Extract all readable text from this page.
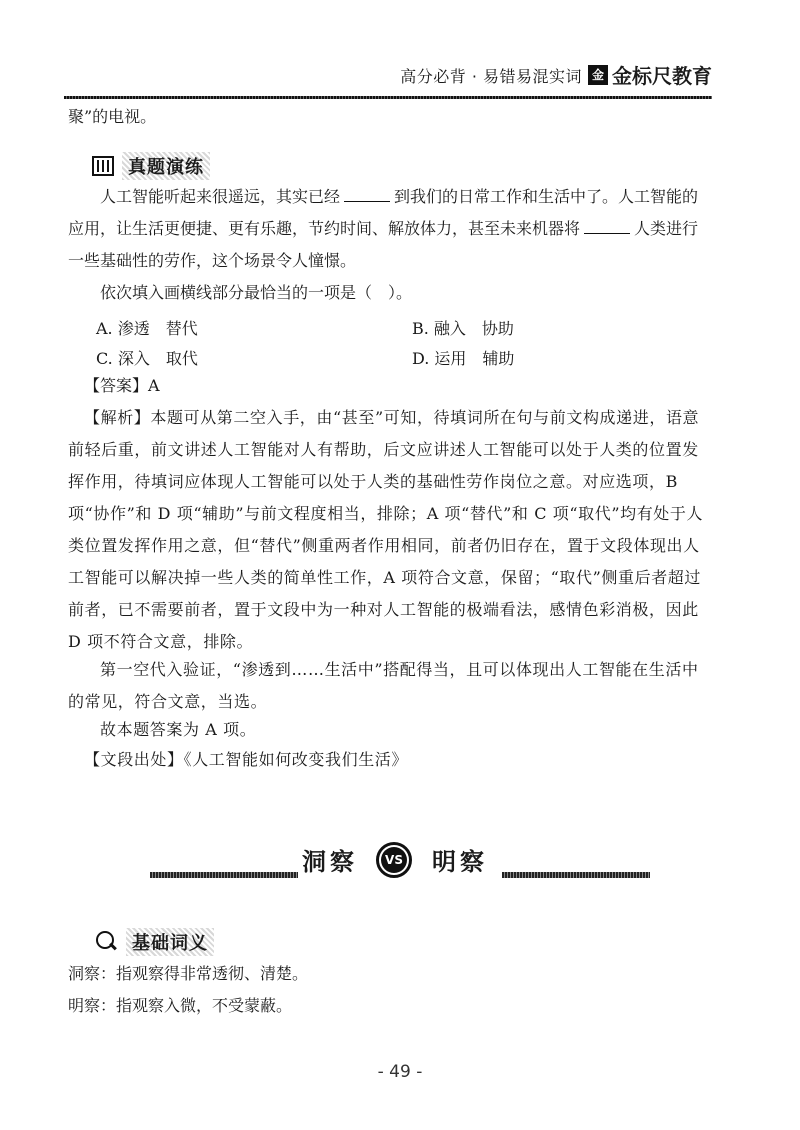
高分必背 · 易错易混实词 金 金标尺教育

聚”的电视。

真题演练
人工智能听起来很遥远，其实已经	到我们的日常工作和生活中了。人工智能的
应用，让生活更便捷、更有乐趣，节约时间、解放体力，甚至未来机器将	人类进行
一些基础性的劳作，这个场景令人憧憬。
依次填入画横线部分最恰当的一项是（　）。
A. 渗透　替代	B. 融入　协助
C. 深入　取代	D. 运用　辅助

【答案】A

【解析】本题可从第二空入手，由“甚至”可知，待填词所在句与前文构成递进，语意前轻后重，前文讲述人工智能对人有帮助，后文应讲述人工智能可以处于人类的位置发挥作用，待填词应体现人工智能可以处于人类的基础性劳作岗位之意。对应选项，B 项“协作”和 D 项“辅助”与前文程度相当，排除；A 项“替代”和 C 项“取代”均有处于人类位置发挥作用之意，但“替代”侧重两者作用相同，前者仍旧存在，置于文段体现出人工智能可以解决掉一些人类的简单性工作，A 项符合文意，保留；“取代”侧重后者超过前者，已不需要前者，置于文段中为一种对人工智能的极端看法，感情色彩消极，因此 D 项不符合文意，排除。

第一空代入验证，“渗透到……生活中”搭配得当，且可以体现出人工智能在生活中的常见，符合文意，当选。

故本题答案为 A 项。

【文段出处】《人工智能如何改变我们生活》

洞察	VS 明察
基础词义

洞察：指观察得非常透彻、清楚。

明察：指观察入微，不受蒙蔽。

- 49 -
